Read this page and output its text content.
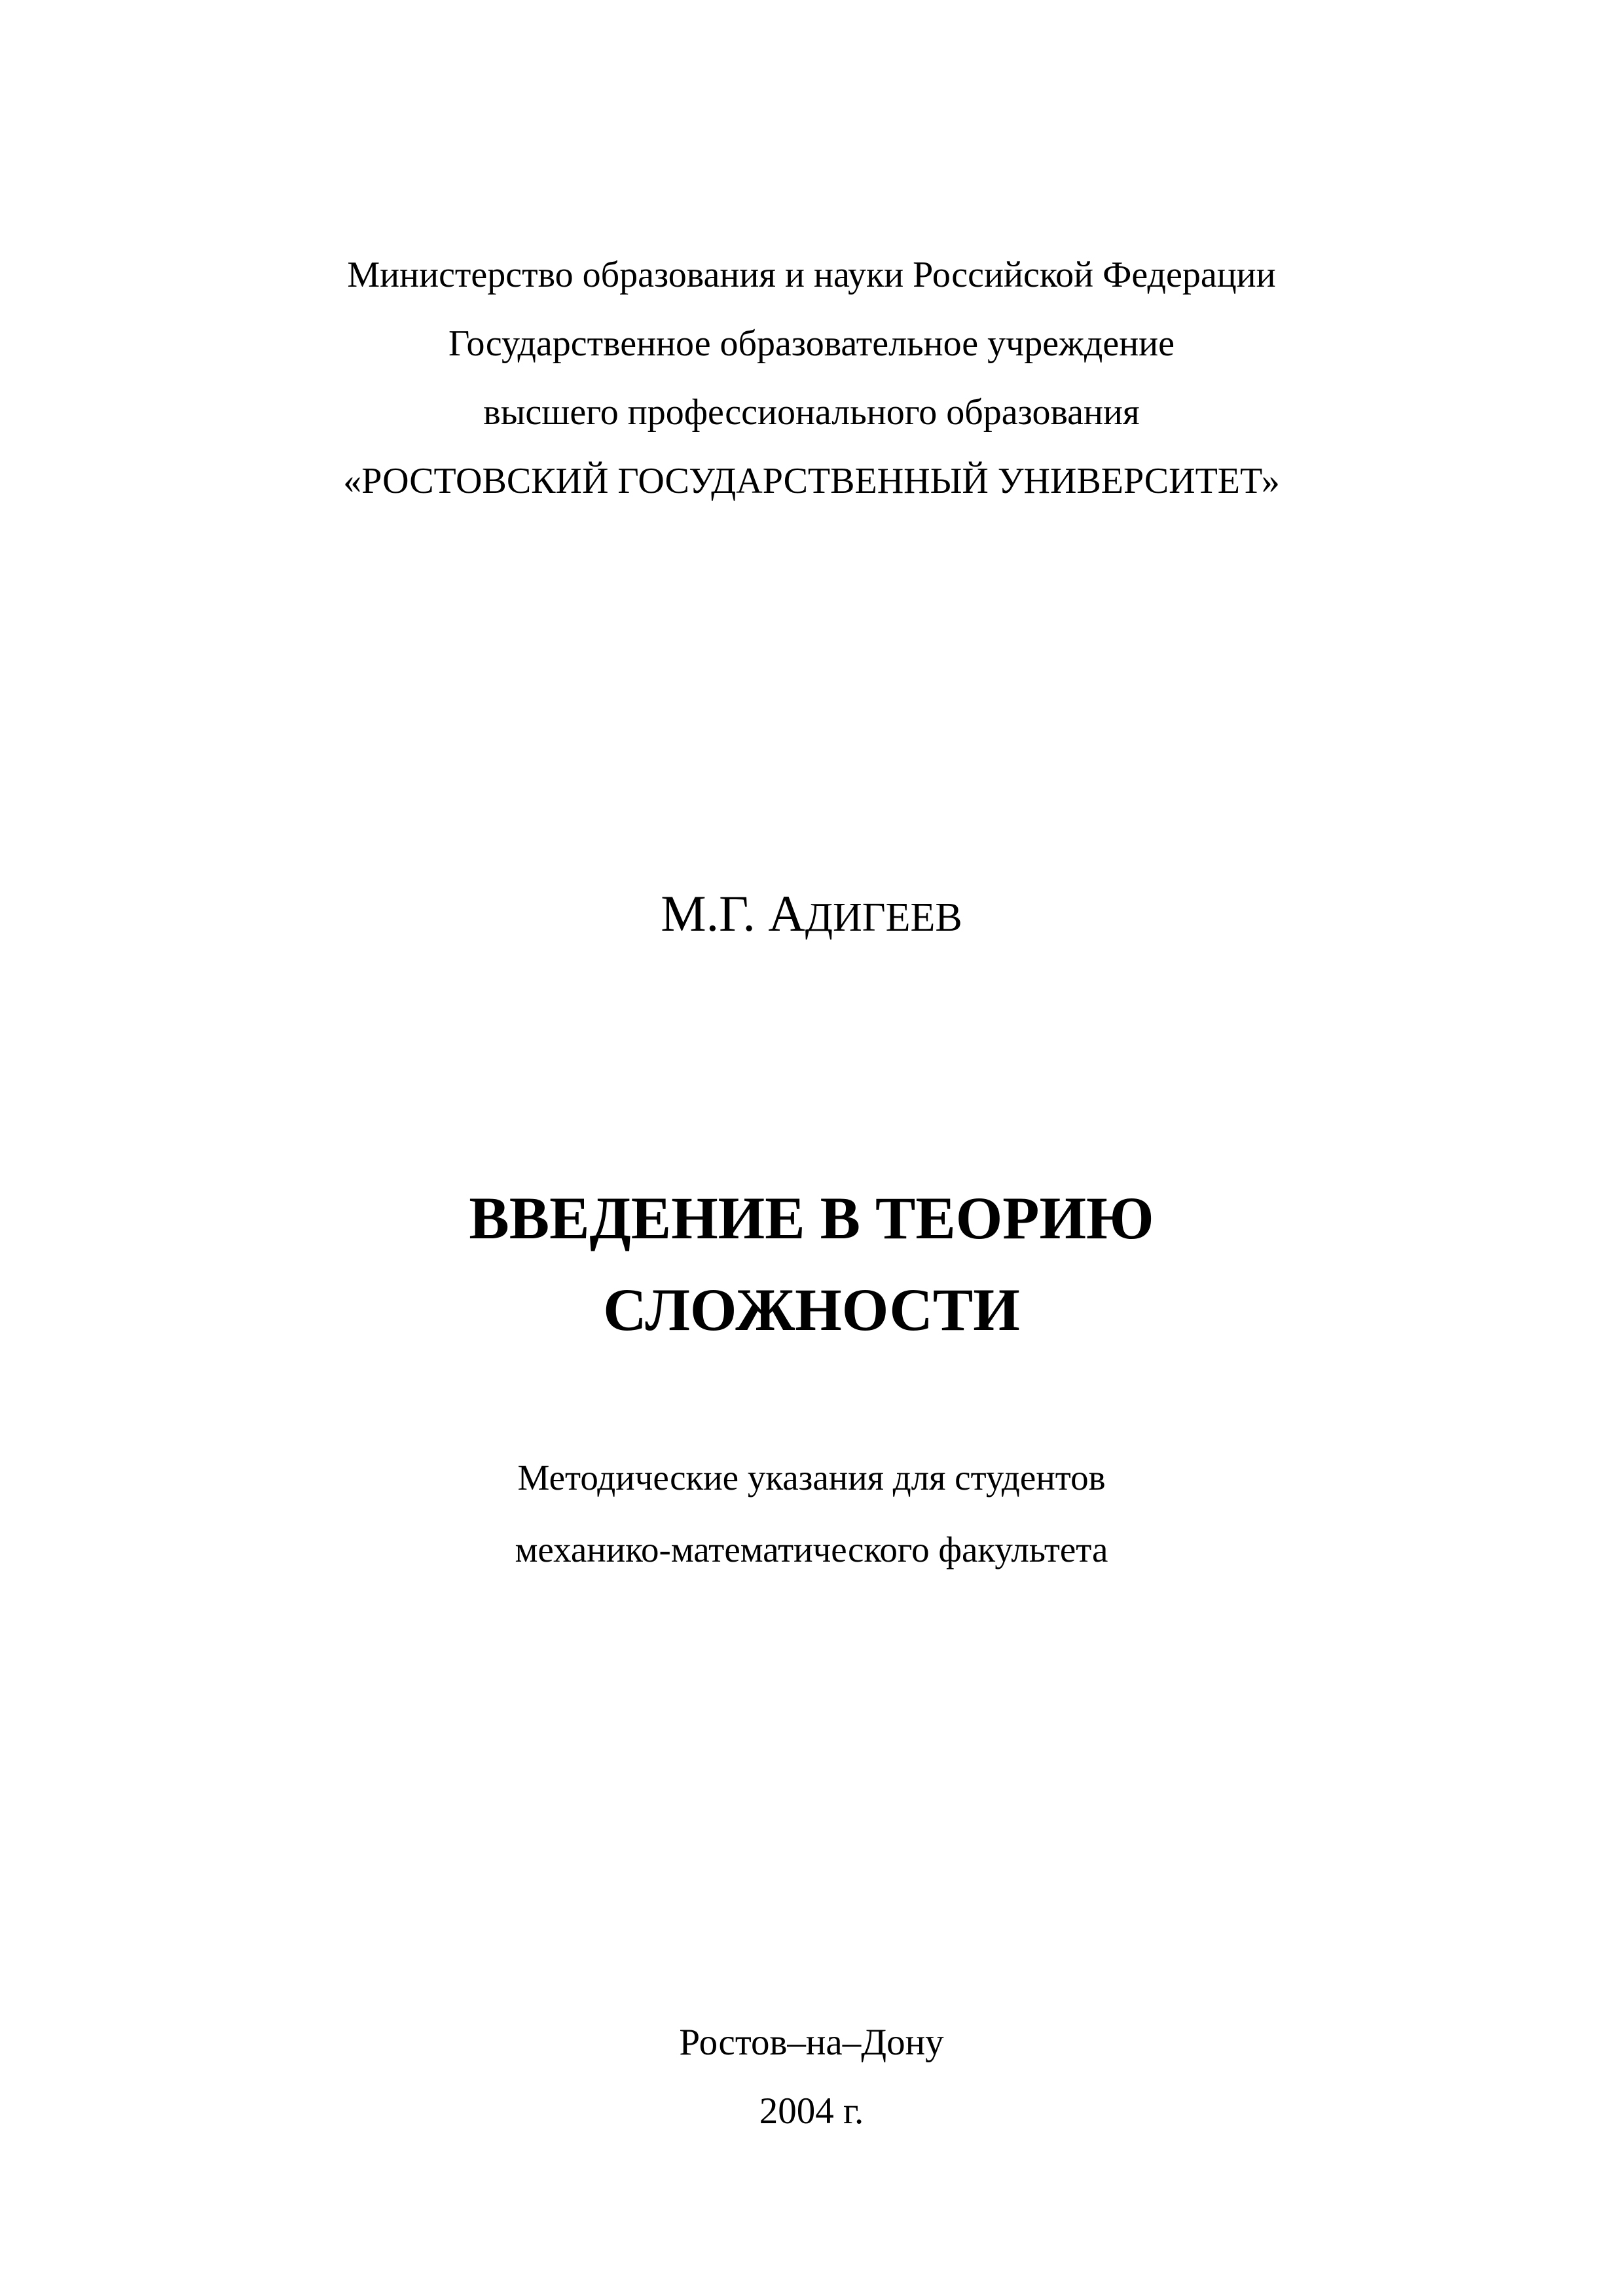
Министерство образования и науки Российской Федерации
Государственное образовательное учреждение
высшего профессионального образования
«РОСТОВСКИЙ ГОСУДАРСТВЕННЫЙ УНИВЕРСИТЕТ»
М.Г. АДИГЕЕВ
ВВЕДЕНИЕ В ТЕОРИЮ
СЛОЖНОСТИ
Методические указания для студентов
механико-математического факультета
Ростов–на–Дону
2004 г.
